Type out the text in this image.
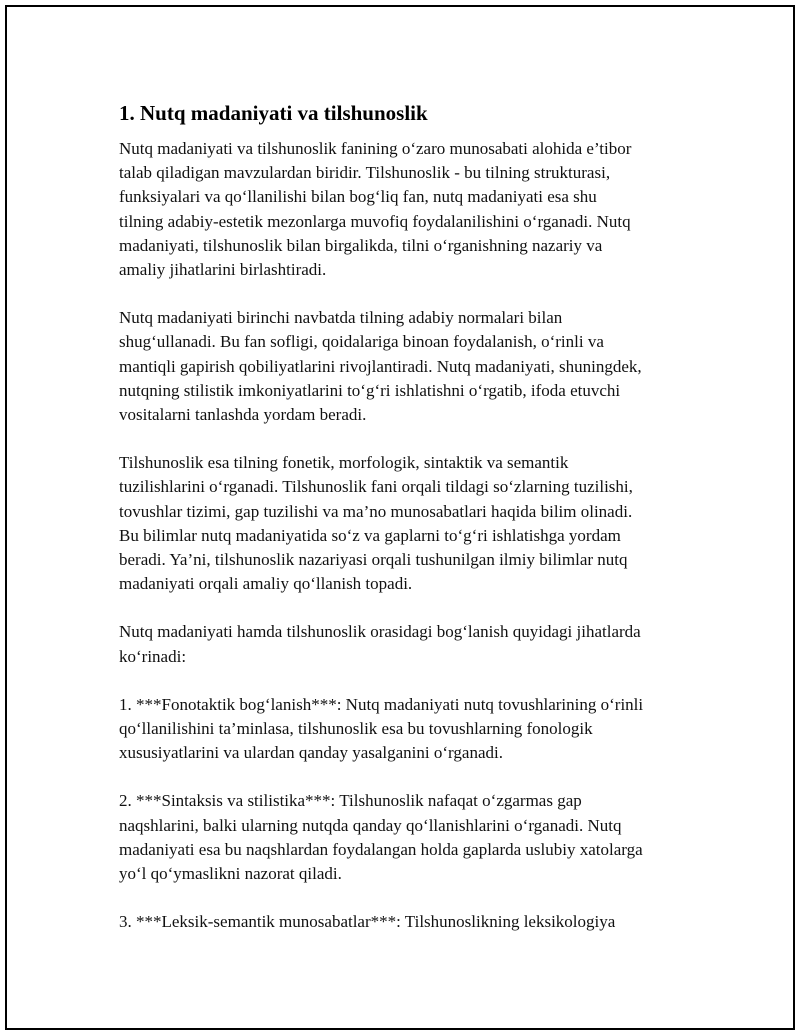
1. Nutq madaniyati va tilshunoslik

Nutq madaniyati va tilshunoslik fanining o‘zaro munosabati alohida e’tibor
talab qiladigan mavzulardan biridir. Tilshunoslik - bu tilning strukturasi,
funksiyalari va qo‘llanilishi bilan bog‘liq fan, nutq madaniyati esa shu
tilning adabiy-estetik mezonlarga muvofiq foydalanilishini o‘rganadi. Nutq
madaniyati, tilshunoslik bilan birgalikda, tilni o‘rganishning nazariy va
amaliy jihatlarini birlashtiradi.

Nutq madaniyati birinchi navbatda tilning adabiy normalari bilan
shug‘ullanadi. Bu fan sofligi, qoidalariga binoan foydalanish, o‘rinli va
mantiqli gapirish qobiliyatlarini rivojlantiradi. Nutq madaniyati, shuningdek,
nutqning stilistik imkoniyatlarini to‘g‘ri ishlatishni o‘rgatib, ifoda etuvchi
vositalarni tanlashda yordam beradi.

Tilshunoslik esa tilning fonetik, morfologik, sintaktik va semantik
tuzilishlarini o‘rganadi. Tilshunoslik fani orqali tildagi so‘zlarning tuzilishi,
tovushlar tizimi, gap tuzilishi va ma’no munosabatlari haqida bilim olinadi.
Bu bilimlar nutq madaniyatida so‘z va gaplarni to‘g‘ri ishlatishga yordam
beradi. Ya’ni, tilshunoslik nazariyasi orqali tushunilgan ilmiy bilimlar nutq
madaniyati orqali amaliy qo‘llanish topadi.

Nutq madaniyati hamda tilshunoslik orasidagi bog‘lanish quyidagi jihatlarda
ko‘rinadi:

1. ***Fonotaktik bog‘lanish***: Nutq madaniyati nutq tovushlarining o‘rinli
qo‘llanilishini ta’minlasa, tilshunoslik esa bu tovushlarning fonologik
xususiyatlarini va ulardan qanday yasalganini o‘rganadi.

2. ***Sintaksis va stilistika***: Tilshunoslik nafaqat o‘zgarmas gap
naqshlarini, balki ularning nutqda qanday qo‘llanishlarini o‘rganadi. Nutq
madaniyati esa bu naqshlardan foydalangan holda gaplarda uslubiy xatolarga
yo‘l qo‘ymaslikni nazorat qiladi.

3. ***Leksik-semantik munosabatlar***: Tilshunoslikning leksikologiya
